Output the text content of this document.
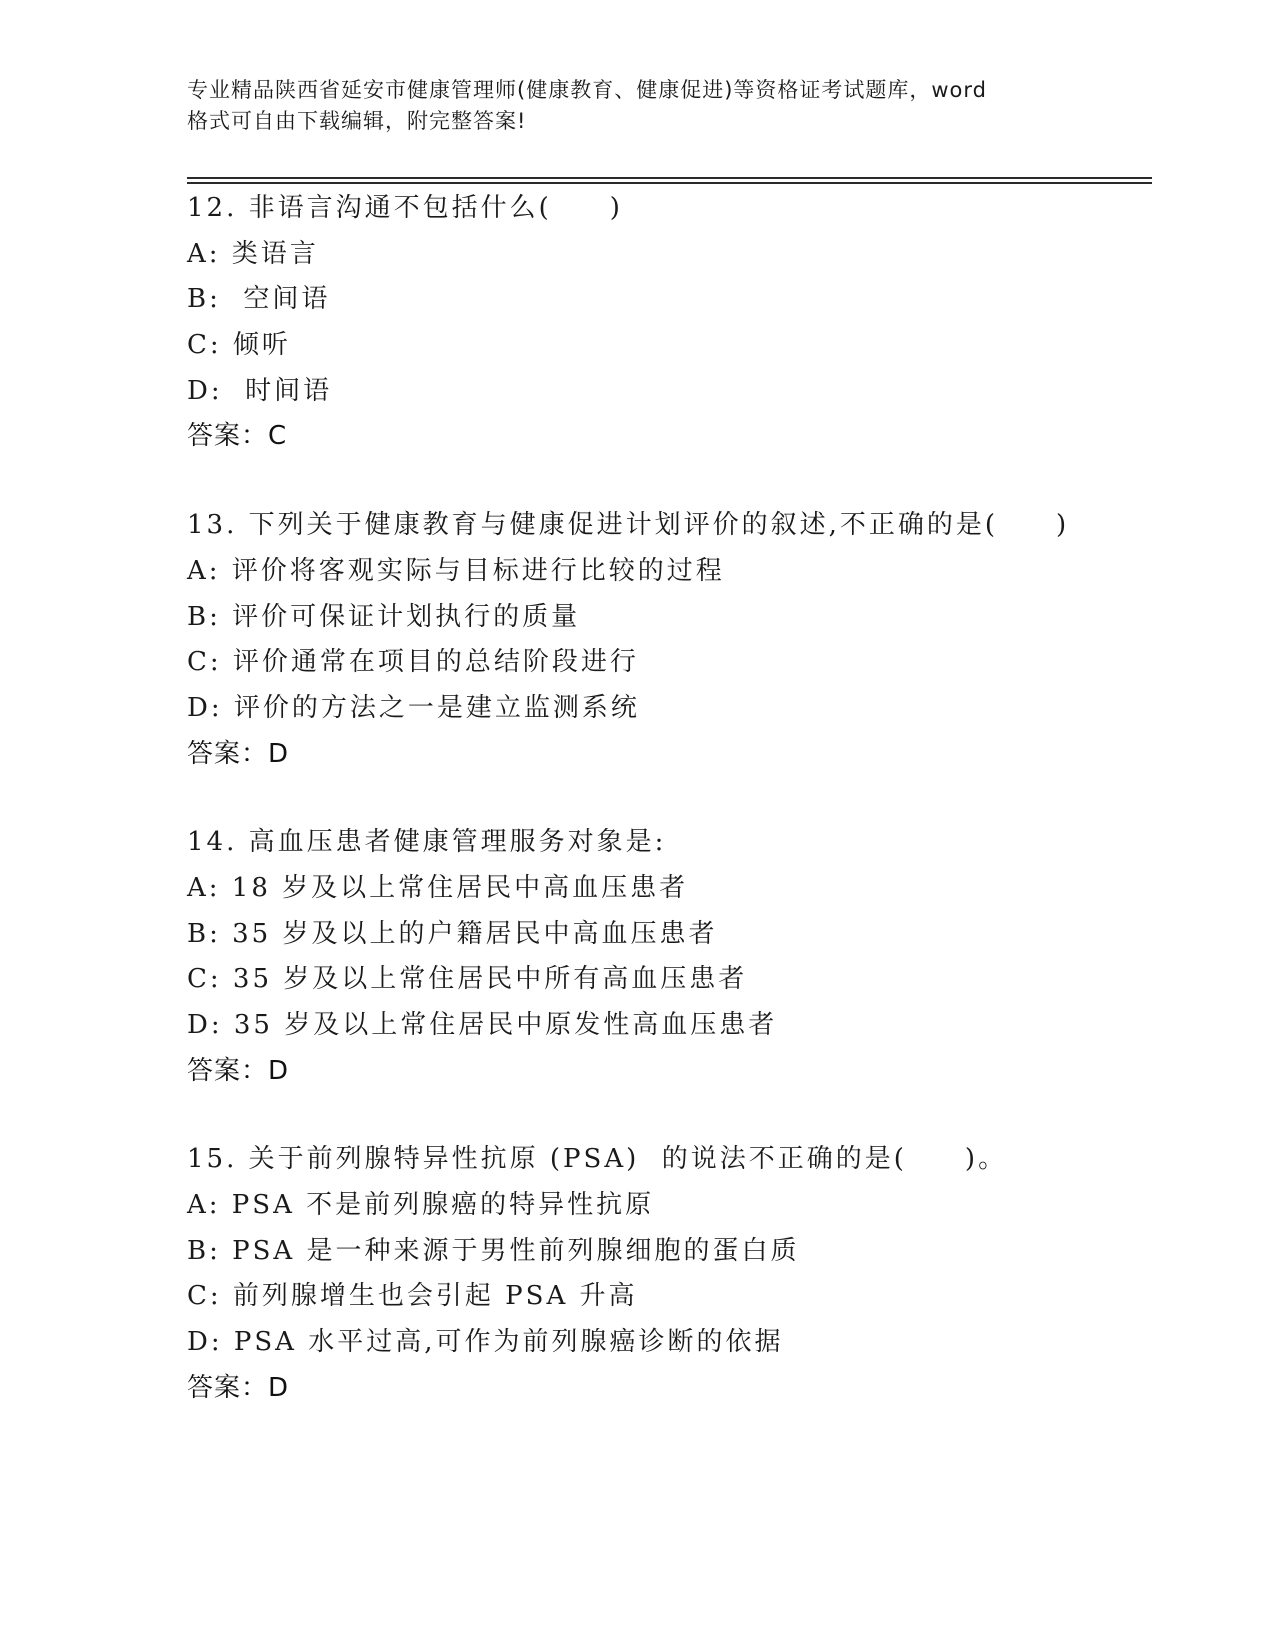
专业精品陕西省延安市健康管理师(健康教育、健康促进)等资格证考试题库，word
格式可自由下载编辑，附完整答案!
12. 非语言沟通不包括什么(　　)
A: 类语言
B:  空间语
C: 倾听
D:  时间语
答案：C
13. 下列关于健康教育与健康促进计划评价的叙述,不正确的是(　　)
A: 评价将客观实际与目标进行比较的过程
B: 评价可保证计划执行的质量
C: 评价通常在项目的总结阶段进行
D: 评价的方法之一是建立监测系统
答案：D
14. 高血压患者健康管理服务对象是:
A: 18 岁及以上常住居民中高血压患者
B: 35 岁及以上的户籍居民中高血压患者
C: 35 岁及以上常住居民中所有高血压患者
D: 35 岁及以上常住居民中原发性高血压患者
答案：D
15. 关于前列腺特异性抗原 (PSA)  的说法不正确的是(　　)。
A: PSA 不是前列腺癌的特异性抗原
B: PSA 是一种来源于男性前列腺细胞的蛋白质
C: 前列腺增生也会引起 PSA 升高
D: PSA 水平过高,可作为前列腺癌诊断的依据
答案：D
